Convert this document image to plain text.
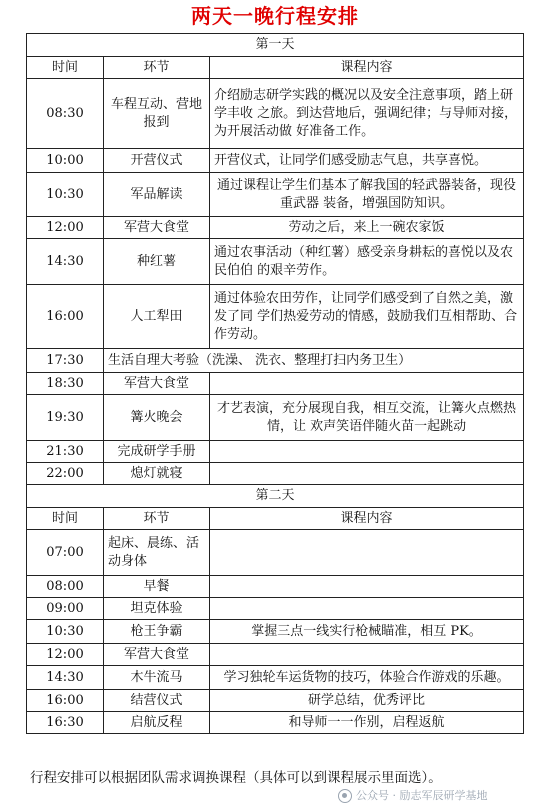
两天一晚行程安排
第一天		
时间	环节	课程内容
08:30	车程互动、营地报到	介绍励志研学实践的概况以及安全注意事项，踏上研学丰收 之旅。到达营地后，强调纪律；与导师对接，为开展活动做 好准备工作。
10:00	开营仪式	开营仪式，让同学们感受励志气息，共享喜悦。
10:30	军品解读	通过课程让学生们基本了解我国的轻武器装备，现役重武器 装备，增强国防知识。
12:00	军营大食堂	劳动之后，来上一碗农家饭
14:30	种红薯	通过农事活动（种红薯）感受亲身耕耘的喜悦以及农民伯伯 的艰辛劳作。
16:00	人工犁田	通过体验农田劳作，让同学们感受到了自然之美，激发了同 学们热爱劳动的情感，鼓励我们互相帮助、合作劳动。
17:30	生活自理大考验（洗澡、 洗衣、整理打扫内务卫生）	
18:30	军营大食堂	
19:30	篝火晚会	才艺表演，充分展现自我，相互交流，让篝火点燃热情，让 欢声笑语伴随火苗一起跳动
21:30	完成研学手册	
22:00	熄灯就寝	
第二天		
时间	环节	课程内容
07:00	起床、晨练、活动身体	
08:00	早餐	
09:00	坦克体验	
10:30	枪王争霸	掌握三点一线实行枪械瞄准，相互 PK。
12:00	军营大食堂	
14:30	木牛流马	学习独轮车运货物的技巧，体验合作游戏的乐趣。
16:00	结营仪式	研学总结，优秀评比
16:30	启航反程	和导师一一作别，启程返航
行程安排可以根据团队需求调换课程（具体可以到课程展示里面选）。
公众号 · 励志军辰研学基地
